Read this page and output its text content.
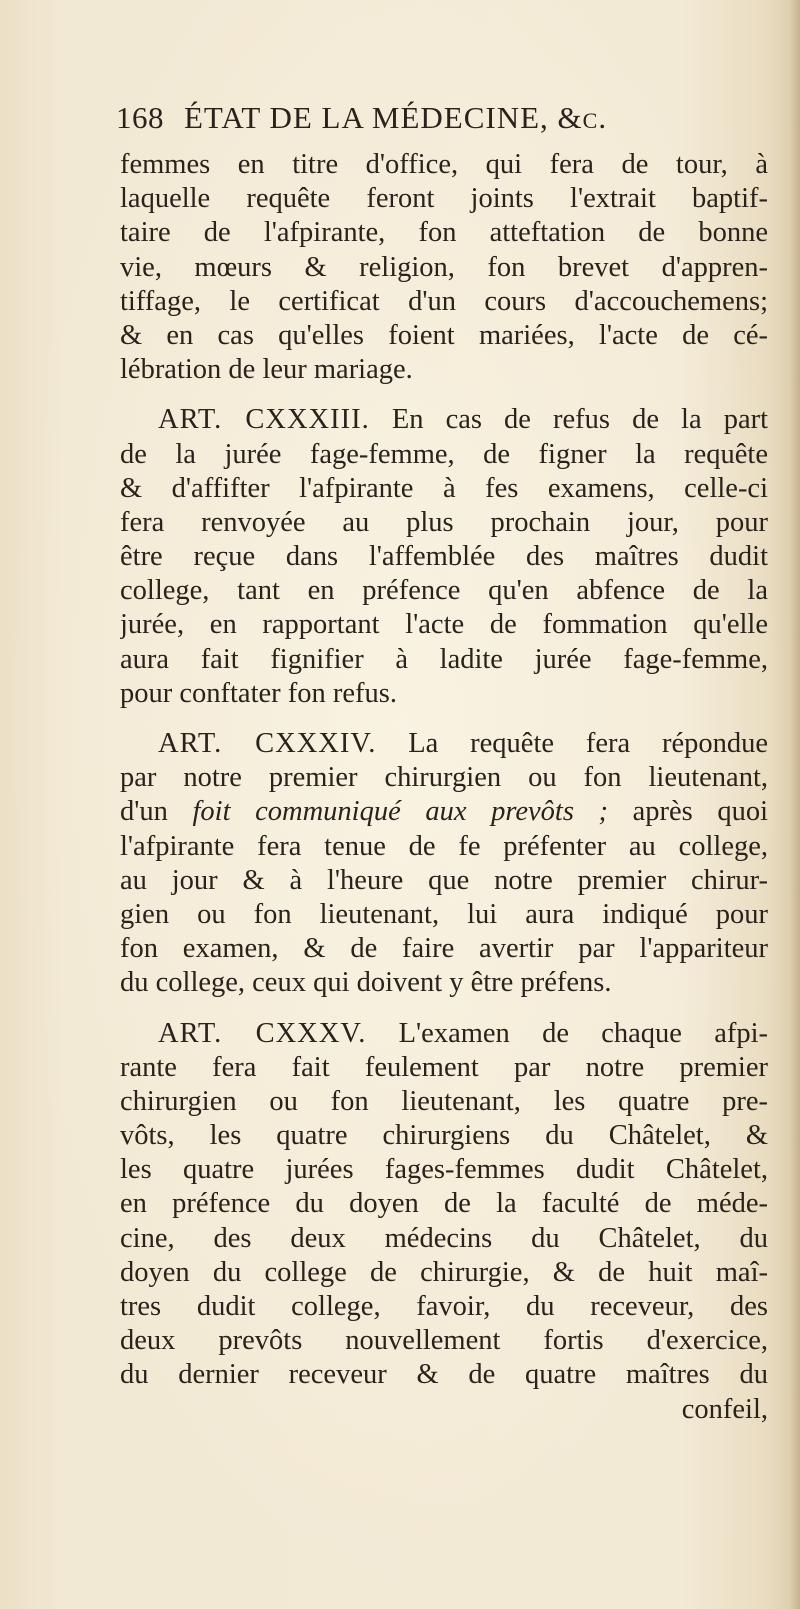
168 ÉTAT DE LA MÉDECINE, &c.
femmes en titre d'office, qui fera de tour, à
laquelle requête feront joints l'extrait baptif-
taire de l'afpirante, fon atteftation de bonne
vie, mœurs & religion, fon brevet d'appren-
tiffage, le certificat d'un cours d'accouchemens;
& en cas qu'elles foient mariées, l'acte de cé-
lébration de leur mariage.
ART. CXXXIII. En cas de refus de la part
de la jurée fage-femme, de figner la requête
& d'affifter l'afpirante à fes examens, celle-ci
fera renvoyée au plus prochain jour, pour
être reçue dans l'affemblée des maîtres dudit
college, tant en préfence qu'en abfence de la
jurée, en rapportant l'acte de fommation qu'elle
aura fait fignifier à ladite jurée fage-femme,
pour conftater fon refus.
ART. CXXXIV. La requête fera répondue
par notre premier chirurgien ou fon lieutenant,
d'un foit communiqué aux prevôts ; après quoi
l'afpirante fera tenue de fe préfenter au college,
au jour & à l'heure que notre premier chirur-
gien ou fon lieutenant, lui aura indiqué pour
fon examen, & de faire avertir par l'appariteur
du college, ceux qui doivent y être préfens.
ART. CXXXV. L'examen de chaque afpi-
rante fera fait feulement par notre premier
chirurgien ou fon lieutenant, les quatre pre-
vôts, les quatre chirurgiens du Châtelet, &
les quatre jurées fages-femmes dudit Châtelet,
en préfence du doyen de la faculté de méde-
cine, des deux médecins du Châtelet, du
doyen du college de chirurgie, & de huit maî-
tres dudit college, favoir, du receveur, des
deux prevôts nouvellement fortis d'exercice,
du dernier receveur & de quatre maîtres du
confeil,
